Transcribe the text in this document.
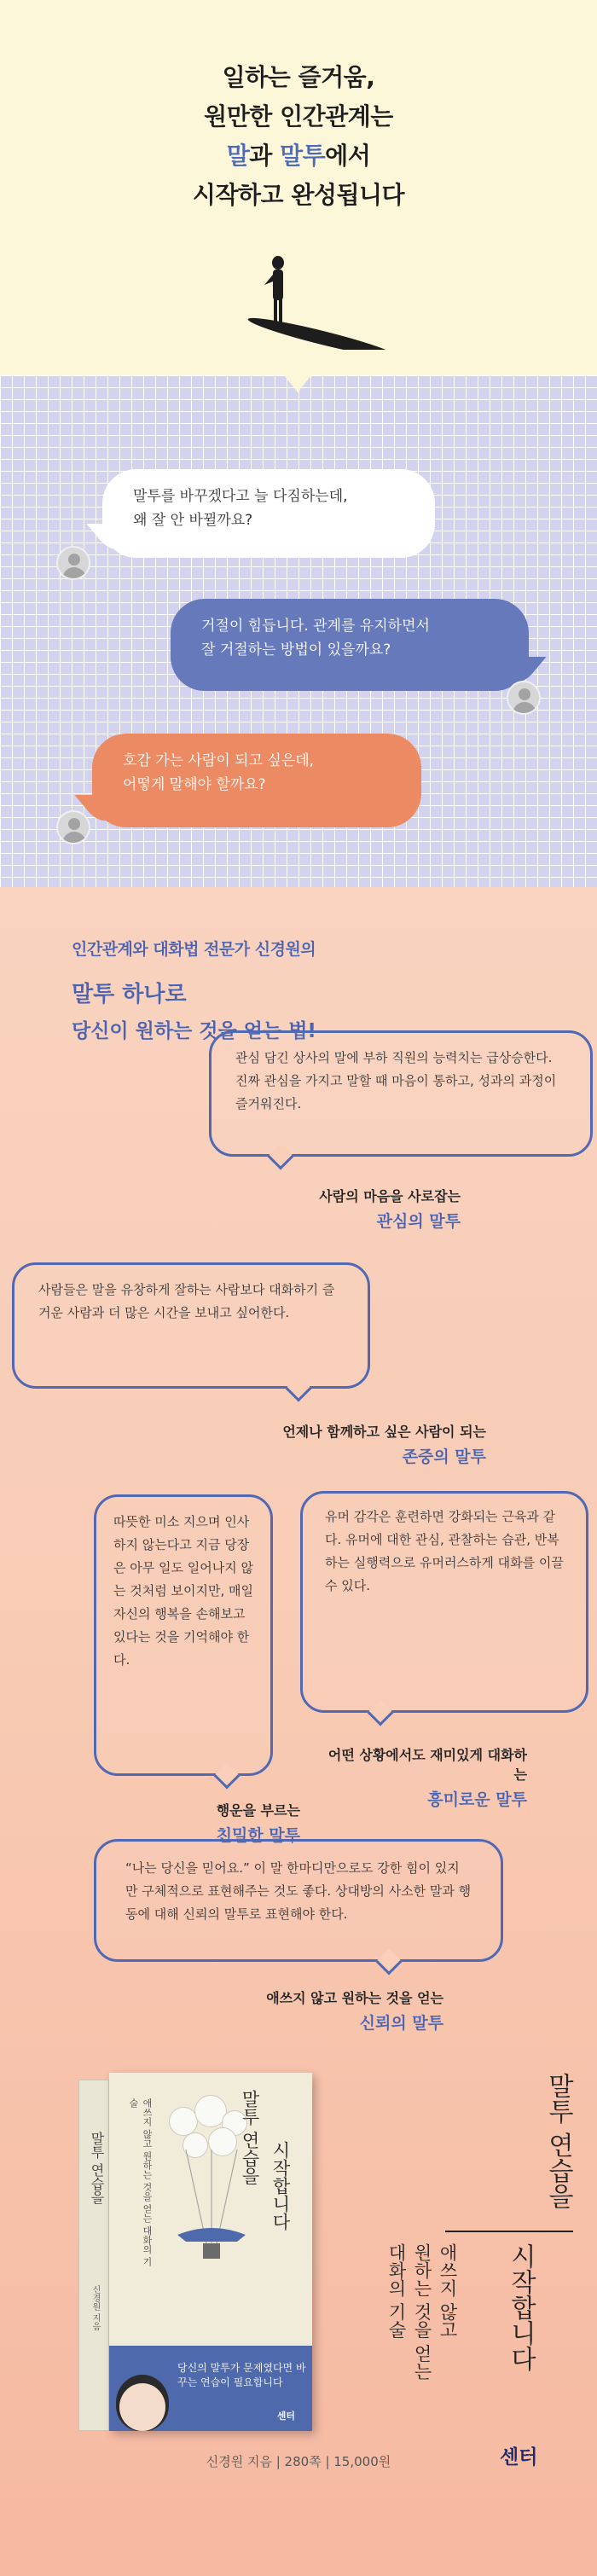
일하는 즐거움,
원만한 인간관계는
말과 말투에서
시작하고 완성됩니다
말투를 바꾸겠다고 늘 다짐하는데,
왜 잘 안 바뀔까요?
거절이 힘듭니다. 관계를 유지하면서
잘 거절하는 방법이 있을까요?
호감 가는 사람이 되고 싶은데,
어떻게 말해야 할까요?
인간관계와 대화법 전문가 신경원의
말투 하나로
당신이 원하는 것을 얻는 법!
관심 담긴 상사의 말에 부하 직원의 능력치는 급상승한다. 진짜 관심을 가지고 말할 때 마음이 통하고, 성과의 과정이 즐거워진다.
사람의 마음을 사로잡는
관심의 말투
사람들은 말을 유창하게 잘하는 사람보다 대화하기 즐거운 사람과 더 많은 시간을 보내고 싶어한다.
언제나 함께하고 싶은 사람이 되는
존중의 말투
따뜻한 미소 지으며 인사하지 않는다고 지금 당장은 아무 일도 일어나지 않는 것처럼 보이지만, 매일 자신의 행복을 손해보고 있다는 것을 기억해야 한다.
행운을 부르는
친밀한 말투
유머 감각은 훈련하면 강화되는 근육과 같다. 유머에 대한 관심, 관찰하는 습관, 반복하는 실행력으로 유머러스하게 대화를 이끌 수 있다.
어떤 상황에서도 재미있게 대화하는
흥미로운 말투
“나는 당신을 믿어요.” 이 말 한마디만으로도 강한 힘이 있지만 구체적으로 표현해주는 것도 좋다. 상대방의 사소한 말과 행동에 대해 신뢰의 말투로 표현해야 한다.
애쓰지 않고 원하는 것을 얻는
신뢰의 말투
말투 연습을
신경원 지음
말투 연습을
시작합니다
애쓰지 않고 원하는 것을 얻는 대화의 기술
당신의 말투가 문제였다면 바꾸는 연습이 필요합니다
센터
신경원 지음 | 280쪽 | 15,000원
말투 연습을
시작합니다
애쓰지 않고
원하는 것을 얻는
대화의 기술
센터
